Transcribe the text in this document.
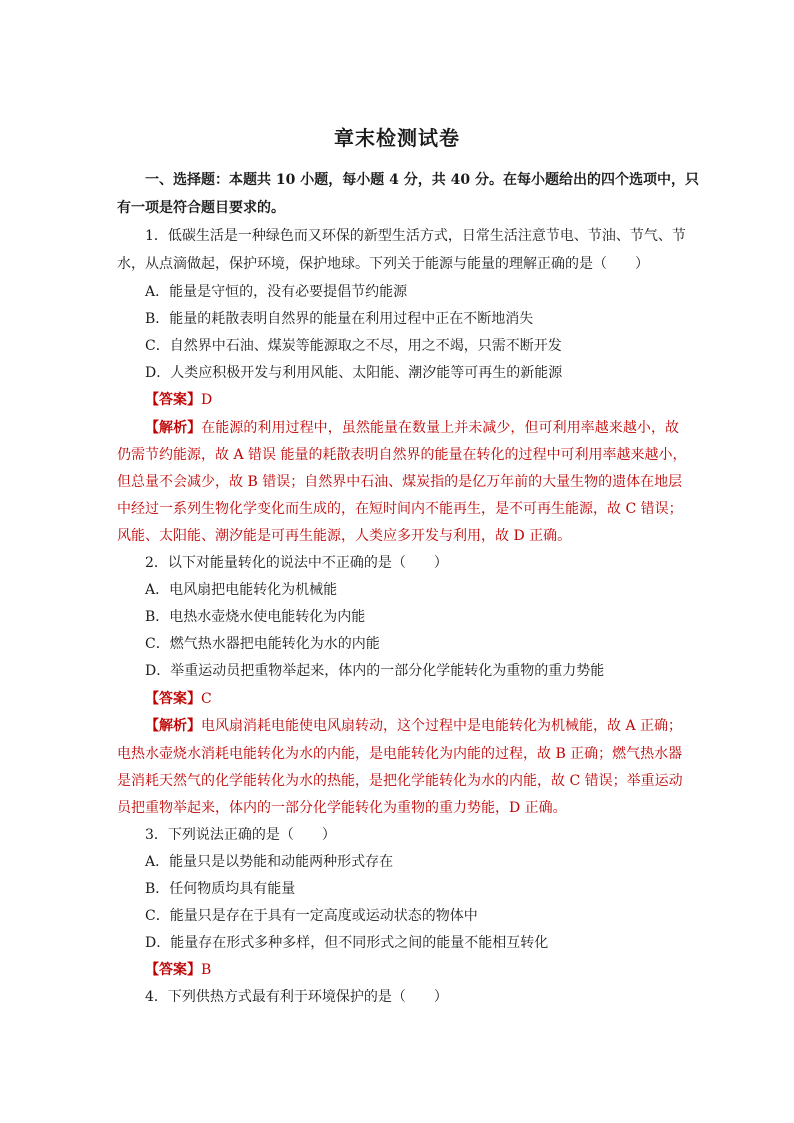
章末检测试卷
一、选择题：本题共 10 小题，每小题 4 分，共 40 分。在每小题给出的四个选项中，只
有一项是符合题目要求的。
1．低碳生活是一种绿色而又环保的新型生活方式，日常生活注意节电、节油、节气、节
水，从点滴做起，保护环境，保护地球。下列关于能源与能量的理解正确的是（　　）
A．能量是守恒的，没有必要提倡节约能源
B．能量的耗散表明自然界的能量在利用过程中正在不断地消失
C．自然界中石油、煤炭等能源取之不尽，用之不竭，只需不断开发
D．人类应积极开发与利用风能、太阳能、潮汐能等可再生的新能源
【答案】D
【解析】在能源的利用过程中，虽然能量在数量上并未减少，但可利用率越来越小，故
仍需节约能源，故 A 错误 能量的耗散表明自然界的能量在转化的过程中可利用率越来越小，
但总量不会减少，故 B 错误；自然界中石油、煤炭指的是亿万年前的大量生物的遗体在地层
中经过一系列生物化学变化而生成的，在短时间内不能再生，是不可再生能源，故 C 错误；
风能、太阳能、潮汐能是可再生能源，人类应多开发与利用，故 D 正确。
2．以下对能量转化的说法中不正确的是（　　）
A．电风扇把电能转化为机械能
B．电热水壶烧水使电能转化为内能
C．燃气热水器把电能转化为水的内能
D．举重运动员把重物举起来，体内的一部分化学能转化为重物的重力势能
【答案】C
【解析】电风扇消耗电能使电风扇转动，这个过程中是电能转化为机械能，故 A 正确；
电热水壶烧水消耗电能转化为水的内能，是电能转化为内能的过程，故 B 正确；燃气热水器
是消耗天然气的化学能转化为水的热能，是把化学能转化为水的内能，故 C 错误；举重运动
员把重物举起来，体内的一部分化学能转化为重物的重力势能，D 正确。
3．下列说法正确的是（　　）
A．能量只是以势能和动能两种形式存在
B．任何物质均具有能量
C．能量只是存在于具有一定高度或运动状态的物体中
D．能量存在形式多种多样，但不同形式之间的能量不能相互转化
【答案】B
4．下列供热方式最有利于环境保护的是（　　）
